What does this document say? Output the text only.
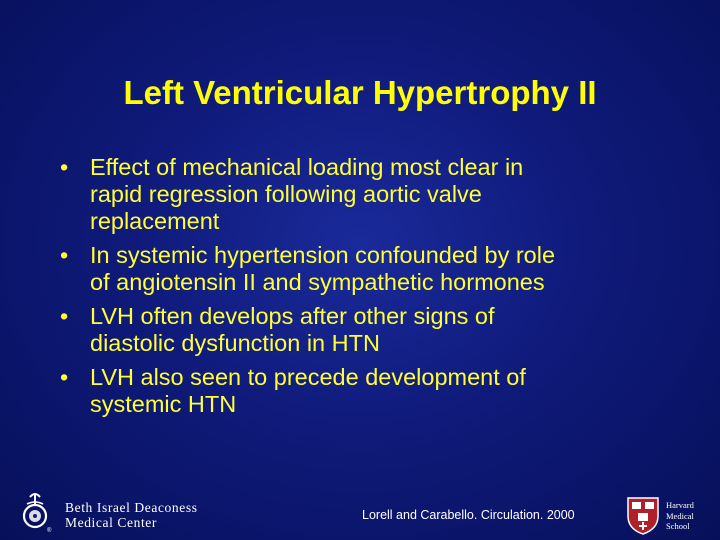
Left Ventricular Hypertrophy II
• Effect of mechanical loading most clear in
rapid regression following aortic valve
replacement
• In systemic hypertension confounded by role
of angiotensin II and sympathetic hormones
• LVH often develops after other signs of
diastolic dysfunction in HTN
• LVH also seen to precede development of
systemic HTN
®
Beth Israel Deaconess
Medical Center	Lorell and Carabello. Circulation. 2000
Harvard
Medical
School
